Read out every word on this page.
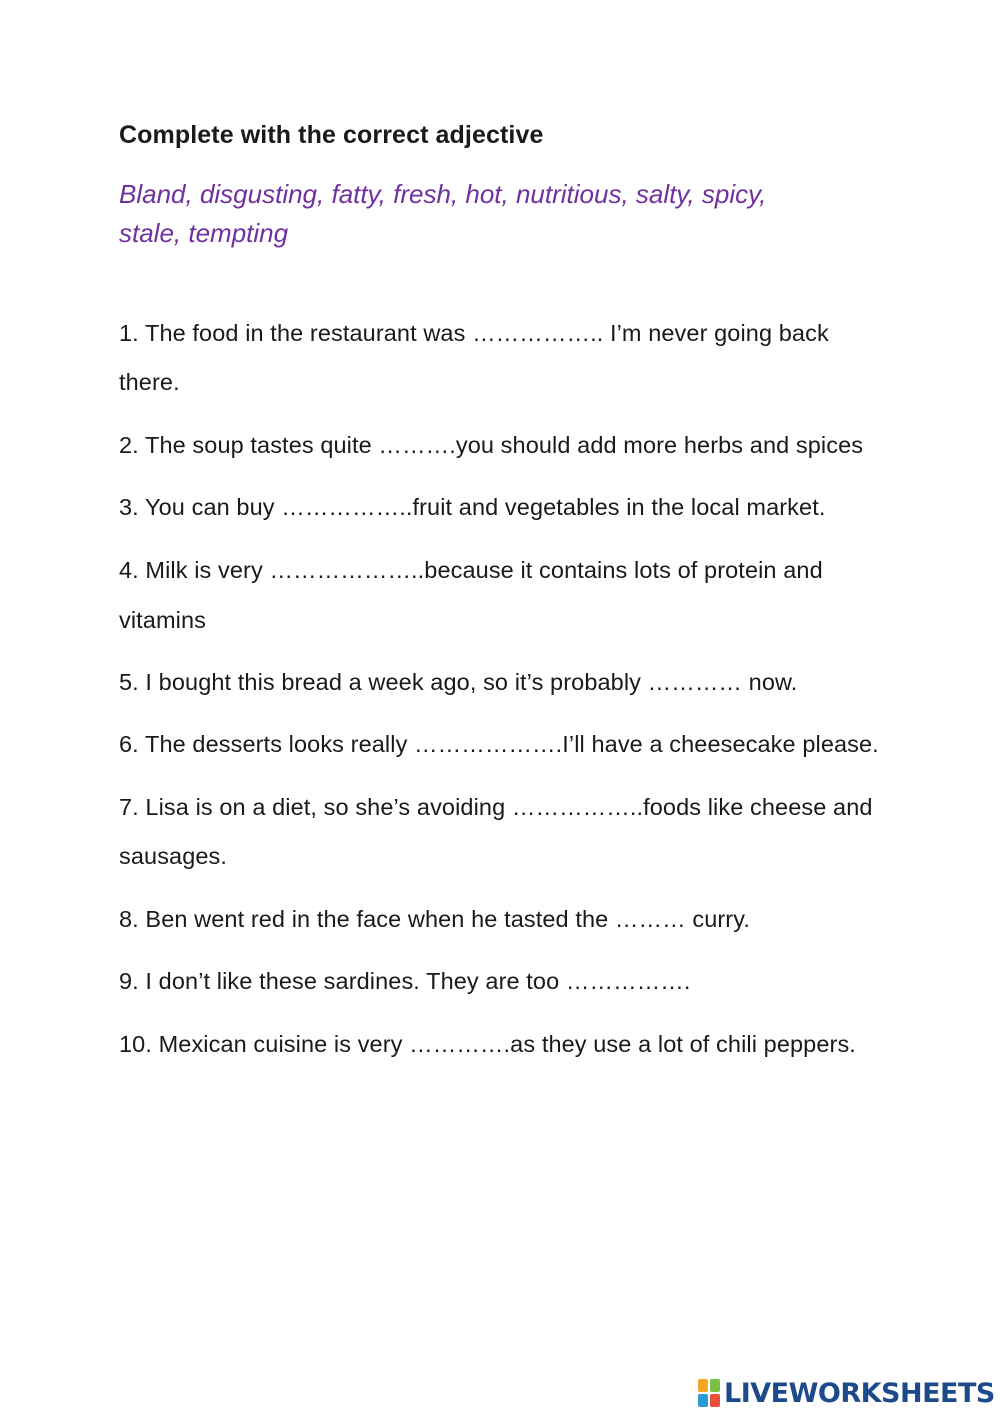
Complete with the correct adjective
Bland, disgusting, fatty, fresh, hot, nutritious, salty, spicy,
stale, tempting
1. The food in the restaurant was …………….. I’m never going back
there.
2. The soup tastes quite ……….you should add more herbs and spices
3. You can buy ……………..fruit and vegetables in the local market.
4. Milk is very ………………..because it contains lots of protein and
vitamins
5. I bought this bread a week ago, so it’s probably ………… now.
6. The desserts looks really ……………….I’ll have a cheesecake please.
7. Lisa is on a diet, so she’s avoiding ……………..foods like cheese and
sausages.
8. Ben went red in the face when he tasted the ……… curry.
9. I don’t like these sardines. They are too …………….
10. Mexican cuisine is very ………….as they use a lot of chili peppers.
LIVEWORKSHEETS
